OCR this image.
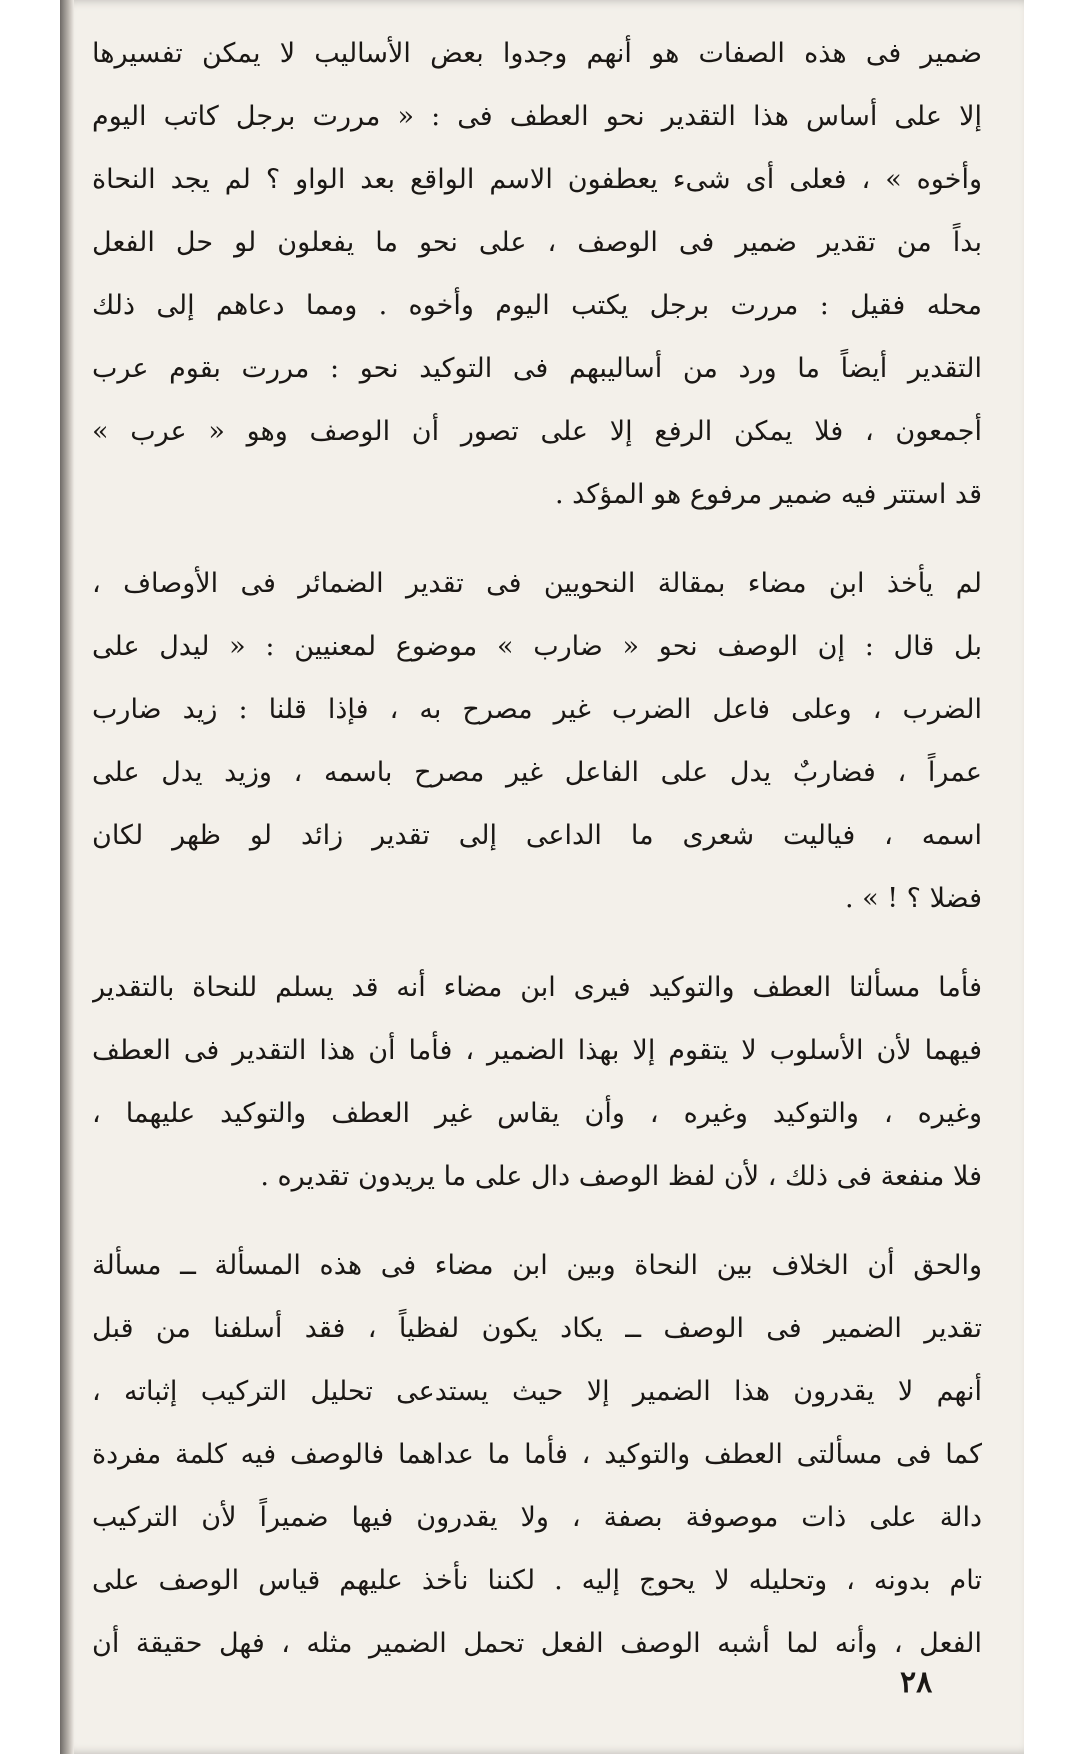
ضمير فى هذه الصفات هو أنهم وجدوا بعض الأساليب لا يمكن تفسيرها
إلا على أساس هذا التقدير نحو العطف فى : « مررت برجل كاتب اليوم
وأخوه » ، فعلى أى شىء يعطفون الاسم الواقع بعد الواو ؟ لم يجد النحاة
بداً من تقدير ضمير فى الوصف ، على نحو ما يفعلون لو حل الفعل
محله فقيل : مررت برجل يكتب اليوم وأخوه . ومما دعاهم إلى ذلك
التقدير أيضاً ما ورد من أساليبهم فى التوكيد نحو : مررت بقوم عرب
أجمعون ، فلا يمكن الرفع إلا على تصور أن الوصف وهو « عرب »
قد استتر فيه ضمير مرفوع هو المؤكد .
لم يأخذ ابن مضاء بمقالة النحويين فى تقدير الضمائر فى الأوصاف ،
بل قال : إن الوصف نحو « ضارب » موضوع لمعنيين : « ليدل على
الضرب ، وعلى فاعل الضرب غير مصرح به ، فإذا قلنا : زيد ضارب
عمراً ، فضاربٌ يدل على الفاعل غير مصرح باسمه ، وزيد يدل على
اسمه ، فياليت شعرى ما الداعى إلى تقدير زائد لو ظهر لكان
فضلا ؟ ! » .
فأما مسألتا العطف والتوكيد فيرى ابن مضاء أنه قد يسلم للنحاة بالتقدير
فيهما لأن الأسلوب لا يتقوم إلا بهذا الضمير ، فأما أن هذا التقدير فى العطف
وغيره ، والتوكيد وغيره ، وأن يقاس غير العطف والتوكيد عليهما ،
فلا منفعة فى ذلك ، لأن لفظ الوصف دال على ما يريدون تقديره .
والحق أن الخلاف بين النحاة وبين ابن مضاء فى هذه المسألة ــ مسألة
تقدير الضمير فى الوصف ــ يكاد يكون لفظياً ، فقد أسلفنا من قبل
أنهم لا يقدرون هذا الضمير إلا حيث يستدعى تحليل التركيب إثباته ،
كما فى مسألتى العطف والتوكيد ، فأما ما عداهما فالوصف فيه كلمة مفردة
دالة على ذات موصوفة بصفة ، ولا يقدرون فيها ضميراً لأن التركيب
تام بدونه ، وتحليله لا يحوج إليه . لكننا نأخذ عليهم قياس الوصف على
الفعل ، وأنه لما أشبه الوصف الفعل تحمل الضمير مثله ، فهل حقيقة أن
٢٨
